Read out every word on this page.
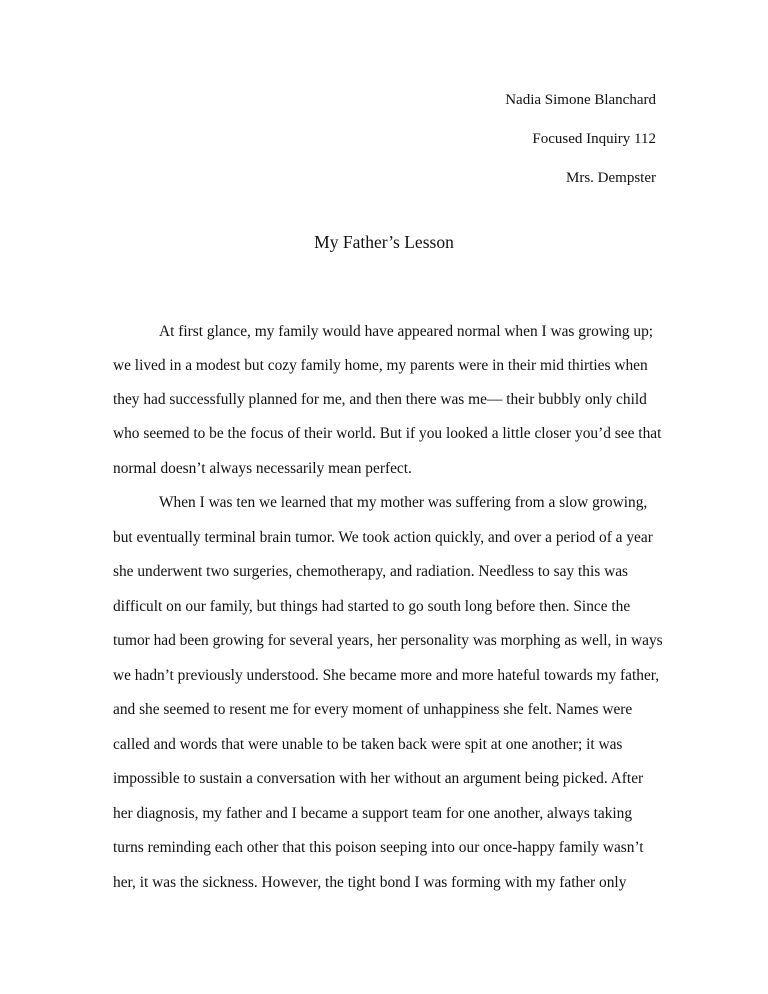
Nadia Simone Blanchard
Focused Inquiry 112
Mrs. Dempster
My Father’s Lesson
At first glance, my family would have appeared normal when I was growing up;
we lived in a modest but cozy family home, my parents were in their mid thirties when
they had successfully planned for me, and then there was me— their bubbly only child
who seemed to be the focus of their world. But if you looked a little closer you’d see that
normal doesn’t always necessarily mean perfect.
When I was ten we learned that my mother was suffering from a slow growing,
but eventually terminal brain tumor. We took action quickly, and over a period of a year
she underwent two surgeries, chemotherapy, and radiation. Needless to say this was
difficult on our family, but things had started to go south long before then. Since the
tumor had been growing for several years, her personality was morphing as well, in ways
we hadn’t previously understood. She became more and more hateful towards my father,
and she seemed to resent me for every moment of unhappiness she felt. Names were
called and words that were unable to be taken back were spit at one another; it was
impossible to sustain a conversation with her without an argument being picked. After
her diagnosis, my father and I became a support team for one another, always taking
turns reminding each other that this poison seeping into our once-happy family wasn’t
her, it was the sickness. However, the tight bond I was forming with my father only
